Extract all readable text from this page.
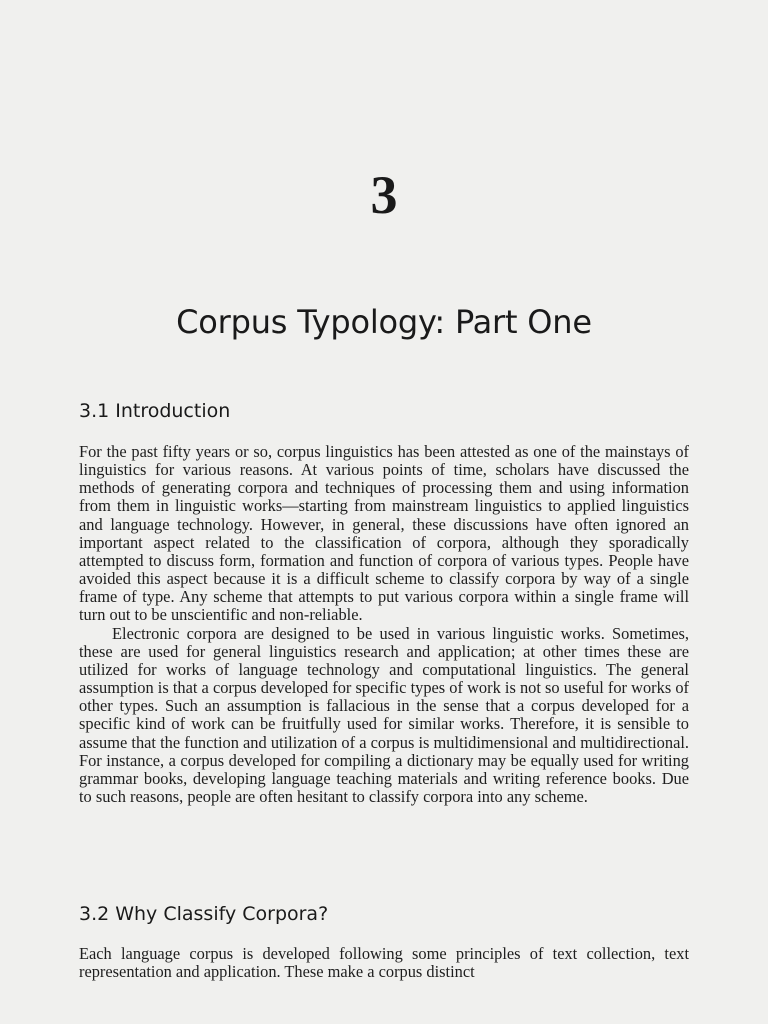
3
Corpus Typology: Part One
3.1 Introduction

For the past fifty years or so, corpus linguistics has been attested as one of the mainstays of linguistics for various reasons. At various points of time, scholars have discussed the methods of generating corpora and techniques of processing them and using information from them in linguistic works—starting from mainstream linguistics to applied linguistics and language technology. However, in general, these discussions have often ignored an important aspect related to the classification of corpora, although they sporadically attempted to discuss form, formation and function of corpora of various types. People have avoided this aspect because it is a difficult scheme to classify corpora by way of a single frame of type. Any scheme that attempts to put various corpora within a single frame will turn out to be unscientific and non-reliable.

Electronic corpora are designed to be used in various linguistic works. Sometimes, these are used for general linguistics research and application; at other times these are utilized for works of language technology and computational linguistics. The general assumption is that a corpus developed for specific types of work is not so useful for works of other types. Such an assumption is fallacious in the sense that a corpus developed for a specific kind of work can be fruitfully used for similar works. Therefore, it is sensible to assume that the function and utilization of a corpus is multidimensional and multidirectional. For instance, a corpus developed for compiling a dictionary may be equally used for writing grammar books, developing language teaching materials and writing reference books. Due to such reasons, people are often hesitant to classify corpora into any scheme.

3.2 Why Classify Corpora?

Each language corpus is developed following some principles of text collection, text representation and application. These make a corpus distinct
